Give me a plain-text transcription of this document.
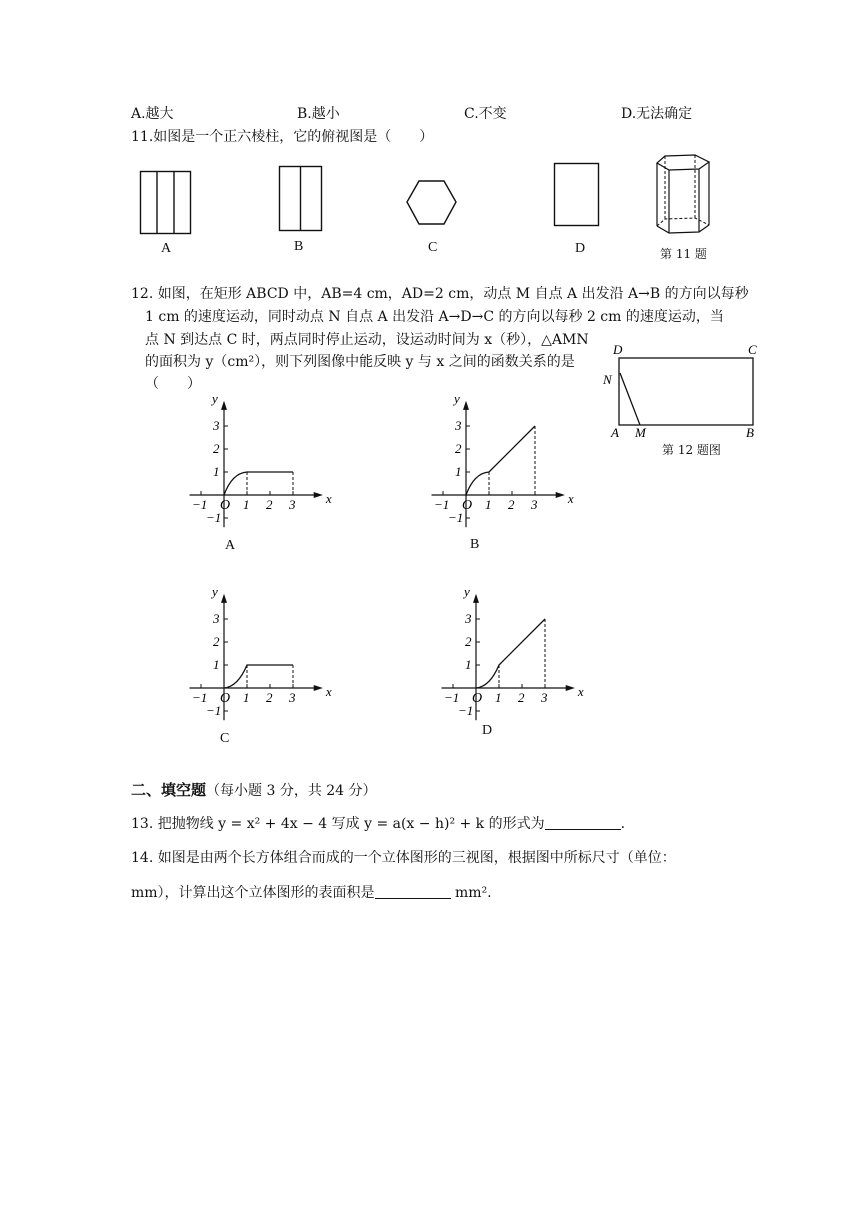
A.越大	B.越小	C.不变	D.无法确定
11.如图是一个正六棱柱，它的俯视图是（　　）
A	B	C	D	第 11 题
12. 如图，在矩形 ABCD 中，AB=4 cm，AD=2 cm，动点 M 自点 A 出发沿 A→B 的方向以每秒
1 cm 的速度运动，同时动点 N 自点 A 出发沿 A→D→C 的方向以每秒 2 cm 的速度运动，当
点 N 到达点 C 时，两点同时停止运动，设运动时间为 x（秒），△AMN
的面积为 y（cm²），则下列图像中能反映 y 与 x 之间的函数关系的是
（　　）
D	C
N
A M	B
第 12 题图
−1	1 2 3
3
2
1
−1
O	x
y
−1	1 2 3
3
2
1
−1
O	x
y
−1	1 2 3
3
2
1
−1
O	x
y
−1	1 2 3
3
2
1
−1
O	x
y
A	B
C
D
二、填空题（每小题 3 分，共 24 分）
13. 把抛物线 y = x² + 4x − 4 写成 y = a(x − h)² + k 的形式为	.
14. 如图是由两个长方体组合而成的一个立体图形的三视图，根据图中所标尺寸（单位：
mm），计算出这个立体图形的表面积是	mm².
